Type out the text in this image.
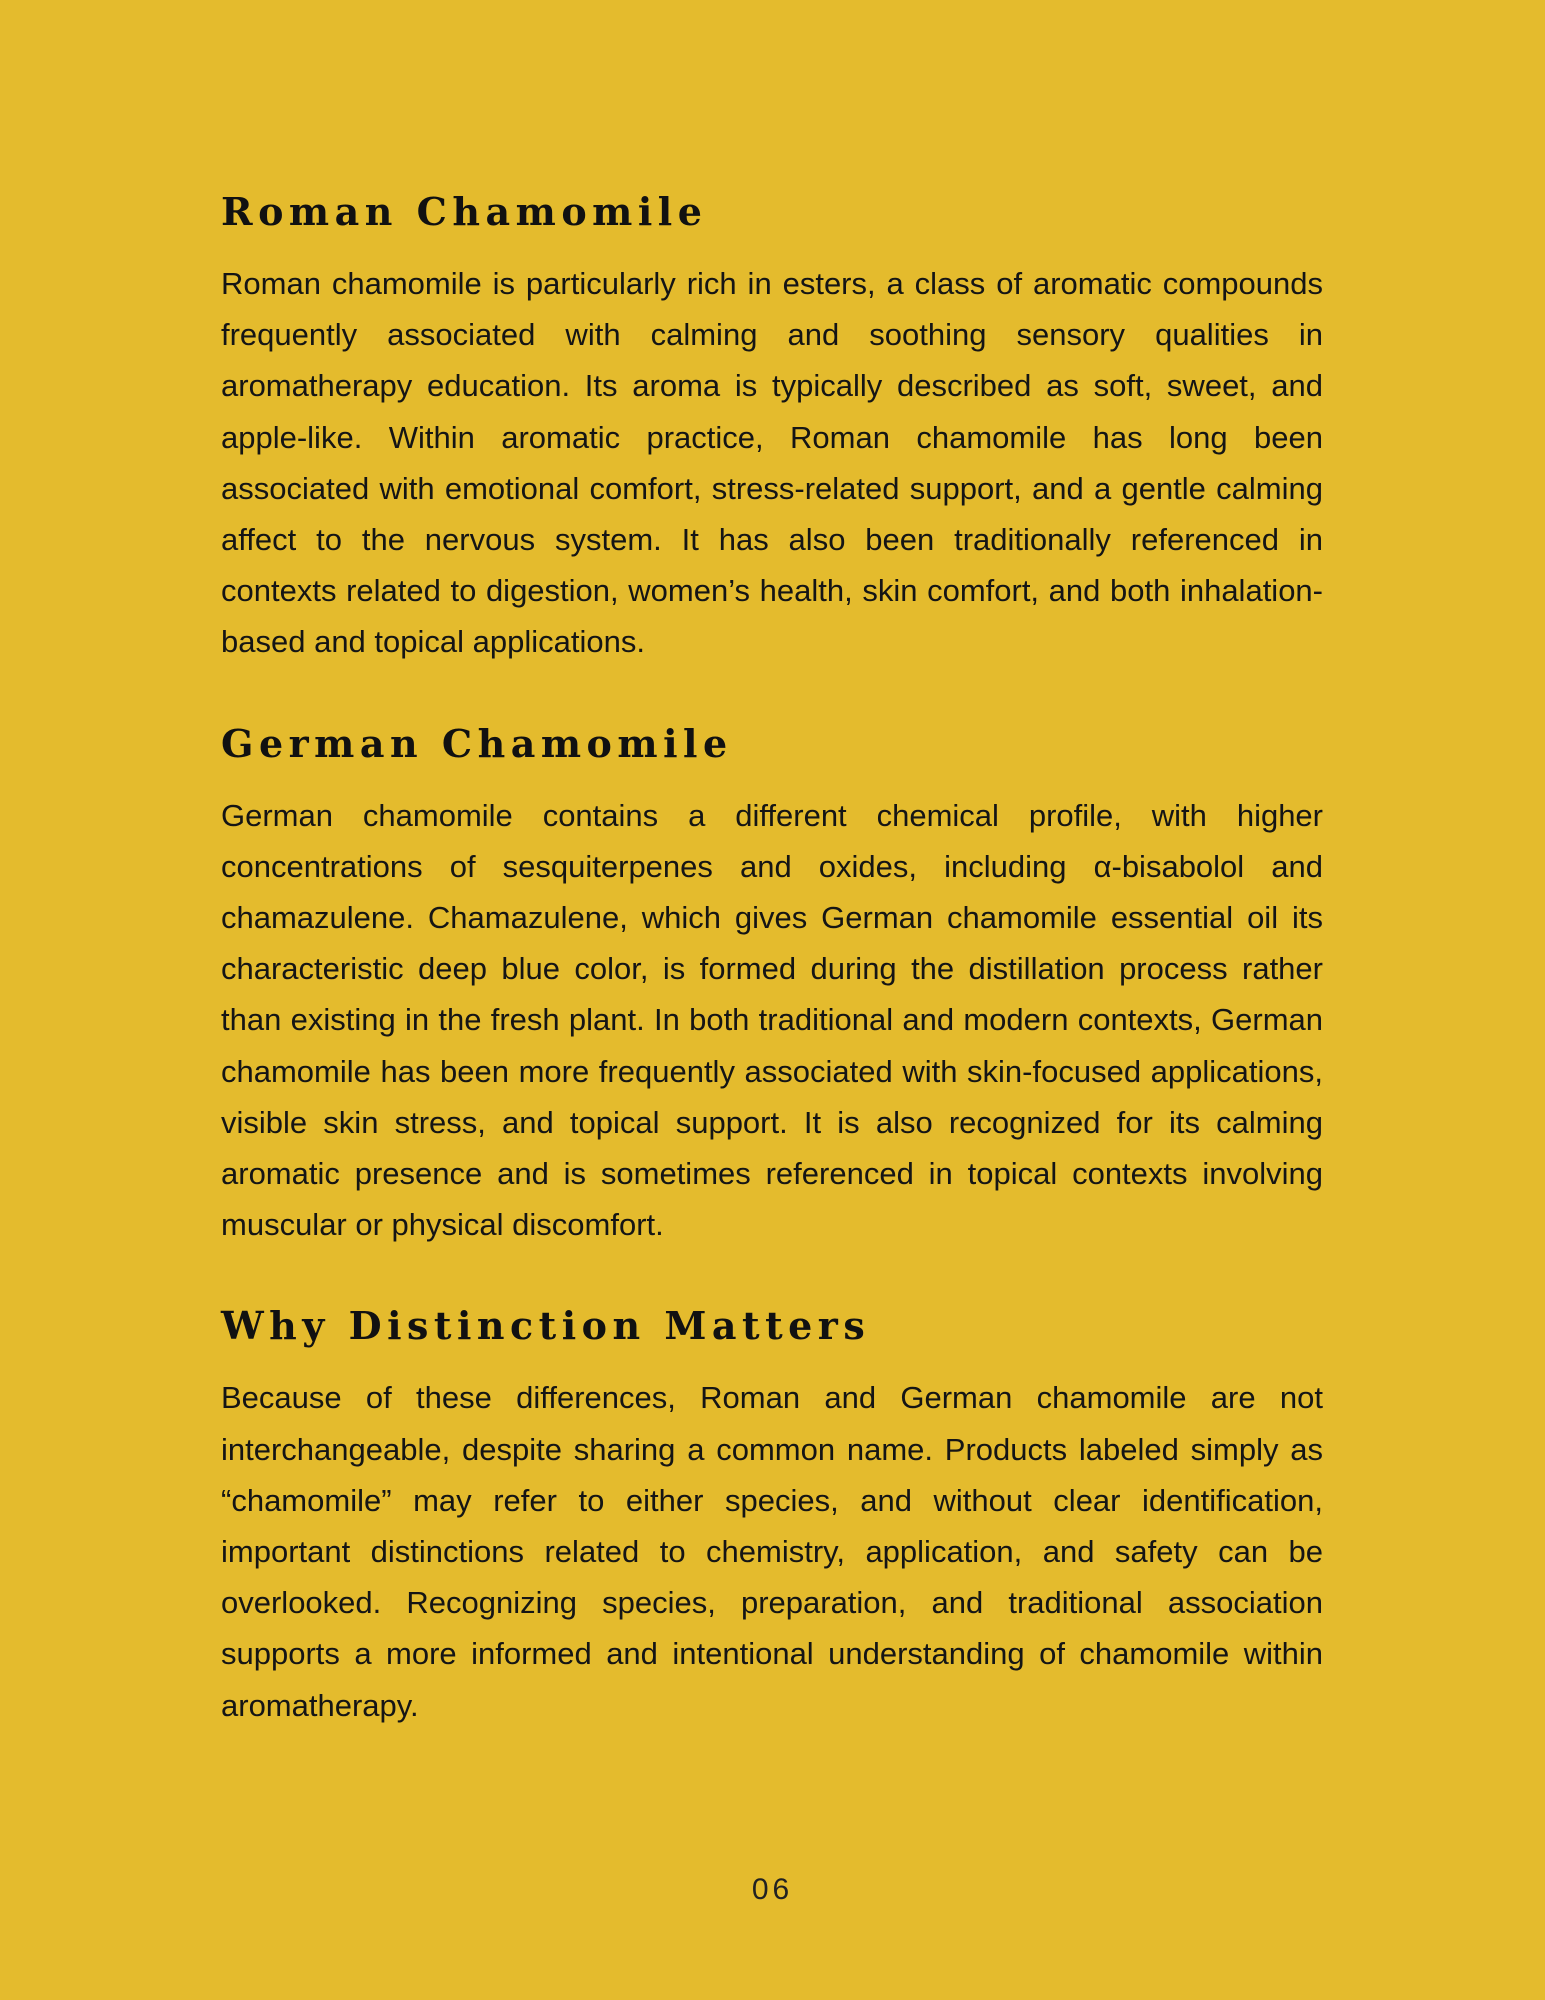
Roman Chamomile

Roman chamomile is particularly rich in esters, a class of aromatic compounds frequently associated with calming and soothing sensory qualities in aromatherapy education. Its aroma is typically described as soft, sweet, and apple-like. Within aromatic practice, Roman chamomile has long been associated with emotional comfort, stress-related support, and a gentle calming affect to the nervous system. It has also been traditionally referenced in contexts related to digestion, women’s health, skin comfort, and both inhalation-based and topical applications.

German Chamomile

German chamomile contains a different chemical profile, with higher concentrations of sesquiterpenes and oxides, including α-bisabolol and chamazulene. Chamazulene, which gives German chamomile essential oil its characteristic deep blue color, is formed during the distillation process rather than existing in the fresh plant. In both traditional and modern contexts, German chamomile has been more frequently associated with skin-focused applications, visible skin stress, and topical support. It is also recognized for its calming aromatic presence and is sometimes referenced in topical contexts involving muscular or physical discomfort.

Why Distinction Matters

Because of these differences, Roman and German chamomile are not interchangeable, despite sharing a common name. Products labeled simply as “chamomile” may refer to either species, and without clear identification, important distinctions related to chemistry, application, and safety can be overlooked. Recognizing species, preparation, and traditional association supports a more informed and intentional understanding of chamomile within aromatherapy.

06
